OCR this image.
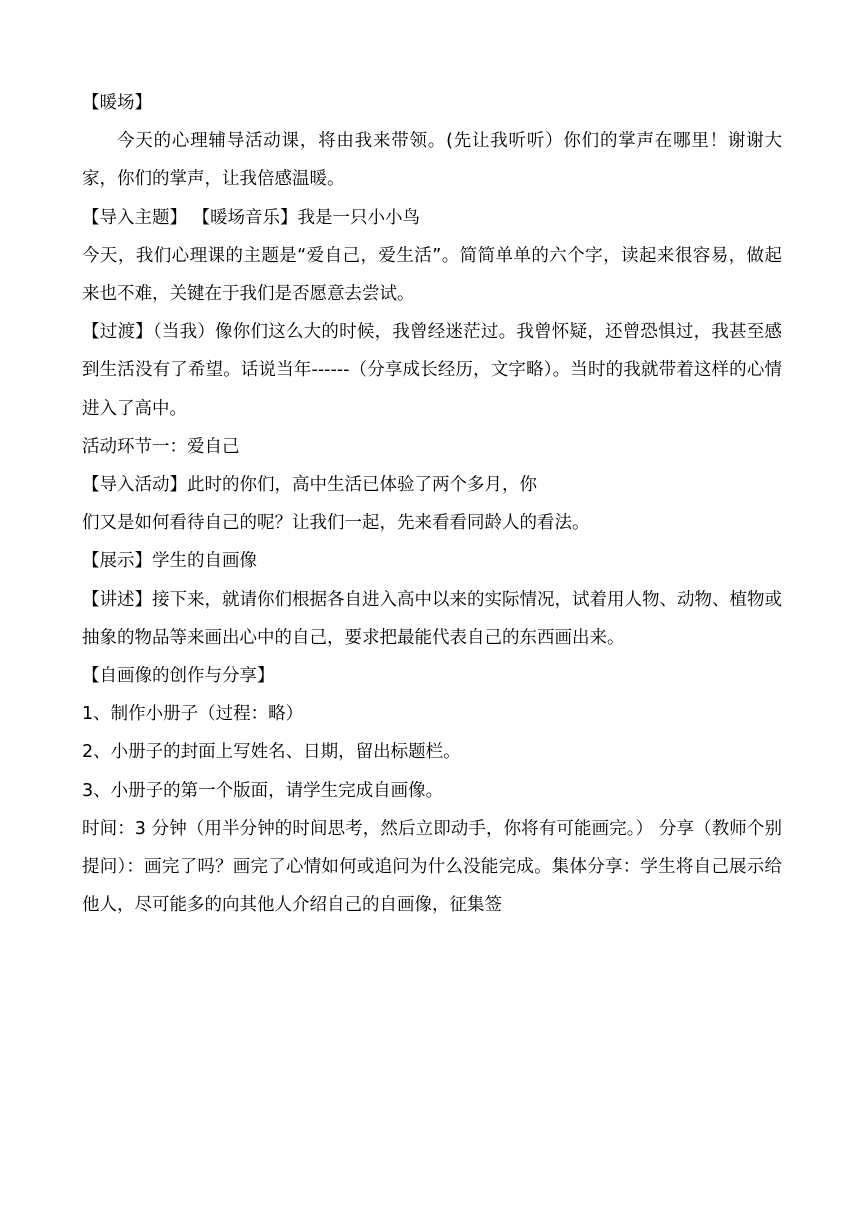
【暖场】

今天的心理辅导活动课，将由我来带领。(先让我听听）你们的掌声在哪里！谢谢大家，你们的掌声，让我倍感温暖。

【导入主题】 【暖场音乐】我是一只小小鸟

今天，我们心理课的主题是“爱自己，爱生活”。简简单单的六个字，读起来很容易，做起来也不难，关键在于我们是否愿意去尝试。

【过渡】（当我）像你们这么大的时候，我曾经迷茫过。我曾怀疑，还曾恐惧过，我甚至感到生活没有了希望。话说当年------（分享成长经历，文字略）。当时的我就带着这样的心情进入了高中。

活动环节一：爱自己

【导入活动】此时的你们，高中生活已体验了两个多月，你

们又是如何看待自己的呢？让我们一起，先来看看同龄人的看法。

【展示】学生的自画像

【讲述】接下来，就请你们根据各自进入高中以来的实际情况，试着用人物、动物、植物或抽象的物品等来画出心中的自己，要求把最能代表自己的东西画出来。

【自画像的创作与分享】

1、制作小册子（过程：略）

2、小册子的封面上写姓名、日期，留出标题栏。

3、小册子的第一个版面，请学生完成自画像。

时间：3 分钟（用半分钟的时间思考，然后立即动手，你将有可能画完。） 分享（教师个别提问）：画完了吗？画完了心情如何或追问为什么没能完成。集体分享：学生将自己展示给他人，尽可能多的向其他人介绍自己的自画像，征集签
